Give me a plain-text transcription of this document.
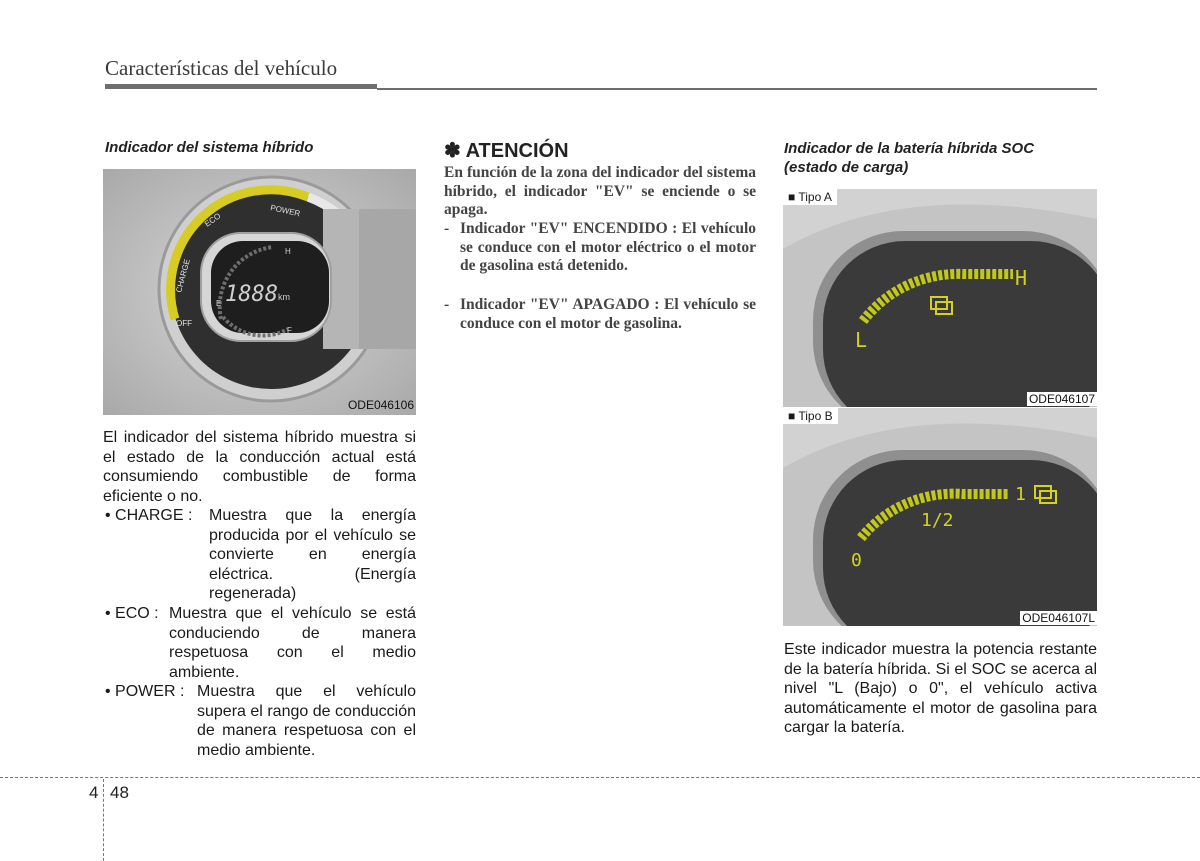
Características del vehículo
Indicador del sistema híbrido
1888 km
H
F
E
ECO
POWER
CHARGE
OFF
ODE046106
El indicador del sistema híbrido muestra si el estado de la conducción actual está consumiendo combustible de forma eficiente o no.
• CHARGE : Muestra que la energía producida por el vehículo se convierte en energía eléctrica. (Energía regenerada)
• ECO : Muestra que el vehículo se está conduciendo de manera respetuosa con el medio ambiente.
• POWER : Muestra que el vehículo supera el rango de conducción de manera respetuosa con el medio ambiente.
✽ ATENCIÓN
En función de la zona del indicador del sistema híbrido, el indicador "EV" se enciende o se apaga.
- Indicador "EV" ENCENDIDO : El vehículo se conduce con el motor eléctrico o el motor de gasolina está detenido.
- Indicador "EV" APAGADO : El vehículo se conduce con el motor de gasolina.
Indicador de la batería híbrida SOC
(estado de carga)
L
H
■ Tipo A
ODE046107
0
1/2
1
■ Tipo B
ODE046107L
Este indicador muestra la potencia restante de la batería híbrida. Si el SOC se acerca al nivel "L (Bajo) o 0", el vehículo activa automáticamente el motor de gasolina para cargar la batería.
4 48
